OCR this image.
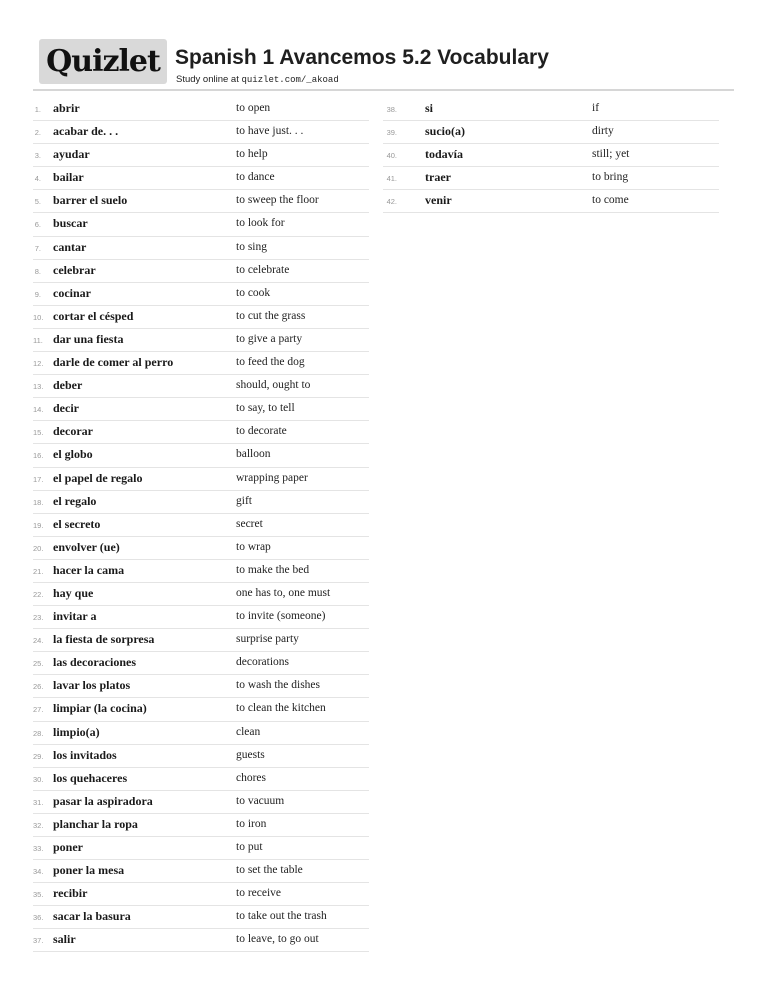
Quizlet Spanish 1 Avancemos 5.2 Vocabulary
Study online at quizlet.com/_akoad
1. abrir	to open
2. acabar de. . .	to have just. . .
3. ayudar	to help
4. bailar	to dance
5. barrer el suelo	to sweep the floor
6. buscar	to look for
7. cantar	to sing
8. celebrar	to celebrate
9. cocinar	to cook
10. cortar el césped	to cut the grass
11. dar una fiesta	to give a party
12. darle de comer al perro	to feed the dog
13. deber	should, ought to
14. decir	to say, to tell
15. decorar	to decorate
16. el globo	balloon
17. el papel de regalo	wrapping paper
18. el regalo	gift
19. el secreto	secret
20. envolver (ue)	to wrap
21. hacer la cama	to make the bed
22. hay que	one has to, one must
23. invitar a	to invite (someone)
24. la fiesta de sorpresa	surprise party
25. las decoraciones	decorations
26. lavar los platos	to wash the dishes
27. limpiar (la cocina)	to clean the kitchen
28. limpio(a)	clean
29. los invitados	guests
30. los quehaceres	chores
31. pasar la aspiradora	to vacuum
32. planchar la ropa	to iron
33. poner	to put
34. poner la mesa	to set the table
35. recibir	to receive
36. sacar la basura	to take out the trash
37. salir	to leave, to go out
38. si	if
39. sucio(a)	dirty
40. todavía	still; yet
41. traer	to bring
42. venir	to come
